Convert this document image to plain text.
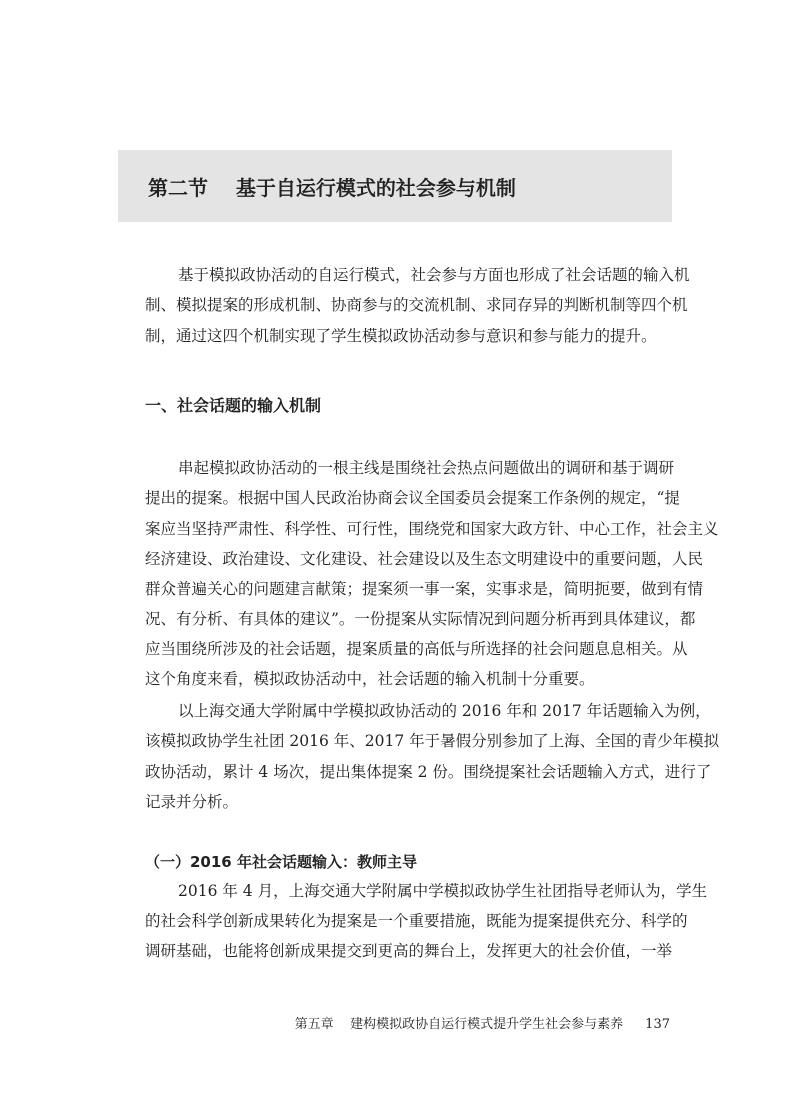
第二节    基于自运行模式的社会参与机制
基于模拟政协活动的自运行模式，社会参与方面也形成了社会话题的输入机
制、模拟提案的形成机制、协商参与的交流机制、求同存异的判断机制等四个机
制，通过这四个机制实现了学生模拟政协活动参与意识和参与能力的提升。
一、社会话题的输入机制
串起模拟政协活动的一根主线是围绕社会热点问题做出的调研和基于调研
提出的提案。根据中国人民政治协商会议全国委员会提案工作条例的规定，“提
案应当坚持严肃性、科学性、可行性，围绕党和国家大政方针、中心工作，社会主义
经济建设、政治建设、文化建设、社会建设以及生态文明建设中的重要问题，人民
群众普遍关心的问题建言献策；提案须一事一案，实事求是，简明扼要，做到有情
况、有分析、有具体的建议”。一份提案从实际情况到问题分析再到具体建议，都
应当围绕所涉及的社会话题，提案质量的高低与所选择的社会问题息息相关。从
这个角度来看，模拟政协活动中，社会话题的输入机制十分重要。
以上海交通大学附属中学模拟政协活动的 2016 年和 2017 年话题输入为例，
该模拟政协学生社团 2016 年、2017 年于暑假分别参加了上海、全国的青少年模拟
政协活动，累计 4 场次，提出集体提案 2 份。围绕提案社会话题输入方式，进行了
记录并分析。
（一）2016 年社会话题输入：教师主导
2016 年 4 月，上海交通大学附属中学模拟政协学生社团指导老师认为，学生
的社会科学创新成果转化为提案是一个重要措施，既能为提案提供充分、科学的
调研基础，也能将创新成果提交到更高的舞台上，发挥更大的社会价值，一举
第五章    建构模拟政协自运行模式提升学生社会参与素养 137
